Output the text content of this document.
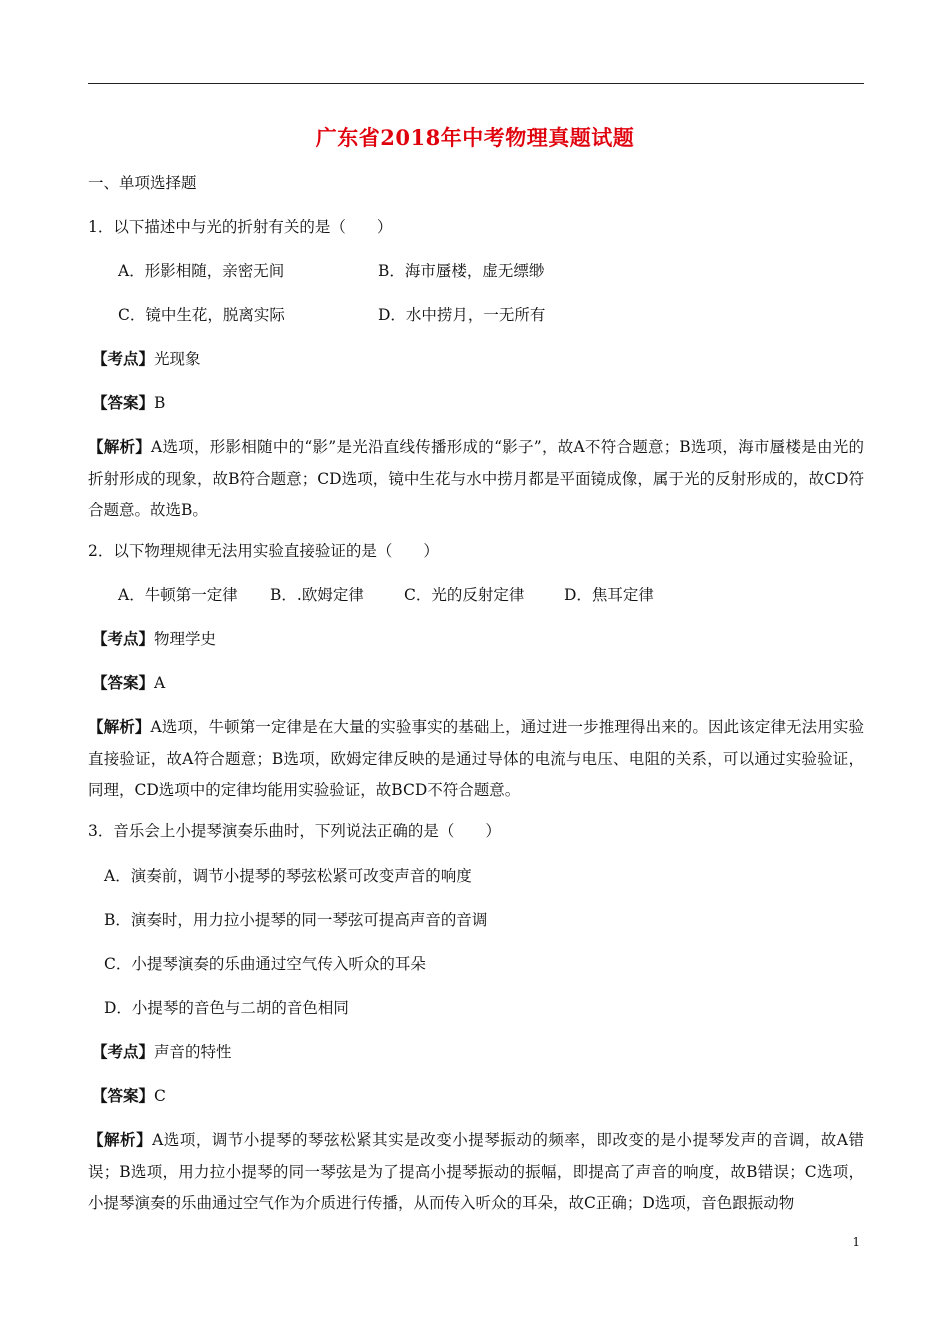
广东省2018年中考物理真题试题
一、单项选择题
1．以下描述中与光的折射有关的是（　　）
A．形影相随，亲密无间	B．海市蜃楼，虚无缥缈
C．镜中生花，脱离实际	D．水中捞月，一无所有
【考点】光现象
【答案】B
【解析】A选项，形影相随中的“影”是光沿直线传播形成的“影子”，故A不符合题意；B选项，海市蜃楼是由光的折射形成的现象，故B符合题意；CD选项，镜中生花与水中捞月都是平面镜成像，属于光的反射形成的，故CD符合题意。故选B。
2．以下物理规律无法用实验直接验证的是（　　）
A．牛顿第一定律 B．.欧姆定律	C．光的反射定律	D．焦耳定律
【考点】物理学史
【答案】A
【解析】A选项，牛顿第一定律是在大量的实验事实的基础上，通过进一步推理得出来的。因此该定律无法用实验直接验证，故A符合题意；B选项，欧姆定律反映的是通过导体的电流与电压、电阻的关系，可以通过实验验证，同理，CD选项中的定律均能用实验验证，故BCD不符合题意。
3．音乐会上小提琴演奏乐曲时，下列说法正确的是（　　）
A．演奏前，调节小提琴的琴弦松紧可改变声音的响度
B．演奏时，用力拉小提琴的同一琴弦可提高声音的音调
C．小提琴演奏的乐曲通过空气传入听众的耳朵
D．小提琴的音色与二胡的音色相同
【考点】声音的特性
【答案】C
【解析】A选项，调节小提琴的琴弦松紧其实是改变小提琴振动的频率，即改变的是小提琴发声的音调，故A错误；B选项，用力拉小提琴的同一琴弦是为了提高小提琴振动的振幅，即提高了声音的响度，故B错误；C选项，小提琴演奏的乐曲通过空气作为介质进行传播，从而传入听众的耳朵，故C正确；D选项，音色跟振动物
1
